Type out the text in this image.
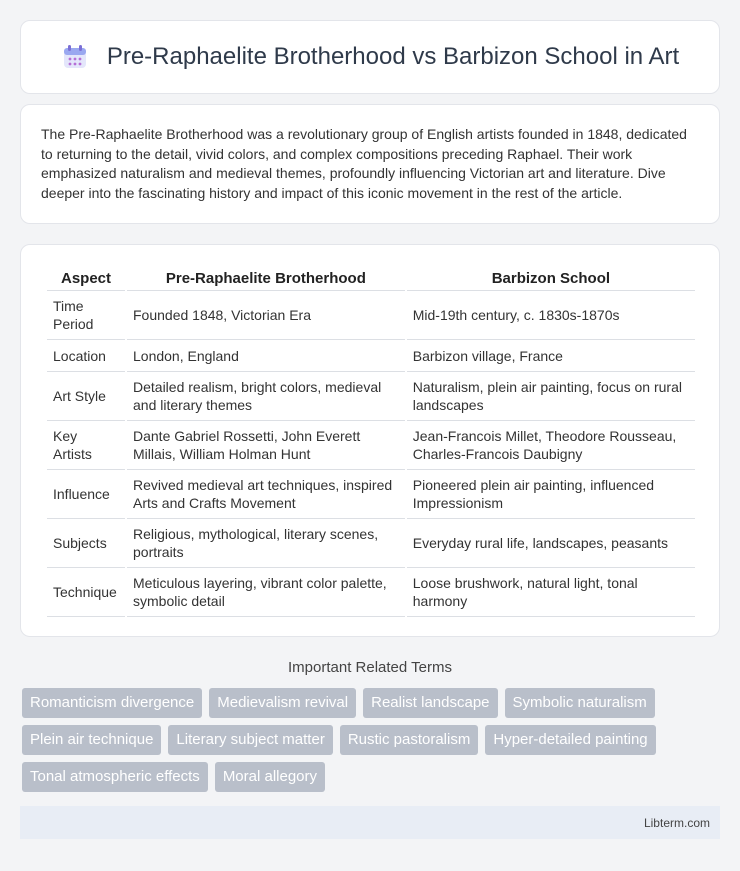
Pre-Raphaelite Brotherhood vs Barbizon School in Art

The Pre-Raphaelite Brotherhood was a revolutionary group of English artists founded in 1848, dedicated to returning to the detail, vivid colors, and complex compositions preceding Raphael. Their work emphasized naturalism and medieval themes, profoundly influencing Victorian art and literature. Dive deeper into the fascinating history and impact of this iconic movement in the rest of the article.

Aspect	Pre-Raphaelite Brotherhood	Barbizon School
Time Period	Founded 1848, Victorian Era	Mid-19th century, c. 1830s-1870s
Location	London, England	Barbizon village, France
Art Style	Detailed realism, bright colors, medieval and literary themes	Naturalism, plein air painting, focus on rural landscapes
Key Artists	Dante Gabriel Rossetti, John Everett Millais, William Holman Hunt	Jean-Francois Millet, Theodore Rousseau, Charles-Francois Daubigny
Influence	Revived medieval art techniques, inspired Arts and Crafts Movement	Pioneered plein air painting, influenced Impressionism
Subjects	Religious, mythological, literary scenes, portraits	Everyday rural life, landscapes, peasants
Technique	Meticulous layering, vibrant color palette, symbolic detail	Loose brushwork, natural light, tonal harmony
Important Related Terms
Romanticism divergence	Medievalism revival	Realist landscape	Symbolic naturalism
Plein air technique	Literary subject matter	Rustic pastoralism	Hyper-detailed painting
Tonal atmospheric effects	Moral allegory
Libterm.com
